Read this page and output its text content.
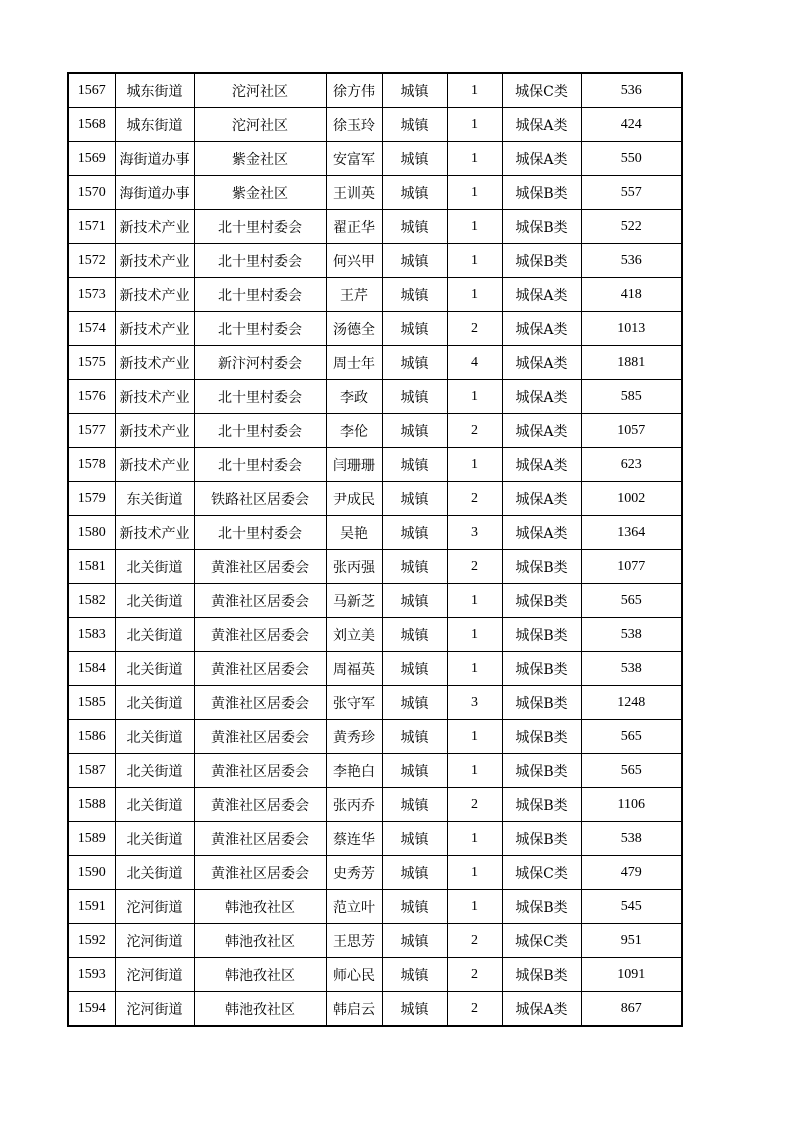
1567	城东街道	沱河社区	徐方伟	城镇	1	城保C类	536
1568	城东街道	沱河社区	徐玉玲	城镇	1	城保A类	424
1569	海街道办事	紫金社区	安富军	城镇	1	城保A类	550
1570	海街道办事	紫金社区	王训英	城镇	1	城保B类	557
1571	新技术产业	北十里村委会	翟正华	城镇	1	城保B类	522
1572	新技术产业	北十里村委会	何兴甲	城镇	1	城保B类	536
1573	新技术产业	北十里村委会	王芹	城镇	1	城保A类	418
1574	新技术产业	北十里村委会	汤德全	城镇	2	城保A类	1013
1575	新技术产业	新汴河村委会	周士年	城镇	4	城保A类	1881
1576	新技术产业	北十里村委会	李政	城镇	1	城保A类	585
1577	新技术产业	北十里村委会	李伦	城镇	2	城保A类	1057
1578	新技术产业	北十里村委会	闫珊珊	城镇	1	城保A类	623
1579	东关街道	铁路社区居委会	尹成民	城镇	2	城保A类	1002
1580	新技术产业	北十里村委会	吴艳	城镇	3	城保A类	1364
1581	北关街道	黄淮社区居委会	张丙强	城镇	2	城保B类	1077
1582	北关街道	黄淮社区居委会	马新芝	城镇	1	城保B类	565
1583	北关街道	黄淮社区居委会	刘立美	城镇	1	城保B类	538
1584	北关街道	黄淮社区居委会	周福英	城镇	1	城保B类	538
1585	北关街道	黄淮社区居委会	张守军	城镇	3	城保B类	1248
1586	北关街道	黄淮社区居委会	黄秀珍	城镇	1	城保B类	565
1587	北关街道	黄淮社区居委会	李艳白	城镇	1	城保B类	565
1588	北关街道	黄淮社区居委会	张丙乔	城镇	2	城保B类	1106
1589	北关街道	黄淮社区居委会	蔡连华	城镇	1	城保B类	538
1590	北关街道	黄淮社区居委会	史秀芳	城镇	1	城保C类	479
1591	沱河街道	韩池孜社区	范立叶	城镇	1	城保B类	545
1592	沱河街道	韩池孜社区	王思芳	城镇	2	城保C类	951
1593	沱河街道	韩池孜社区	师心民	城镇	2	城保B类	1091
1594	沱河街道	韩池孜社区	韩启云	城镇	2	城保A类	867
